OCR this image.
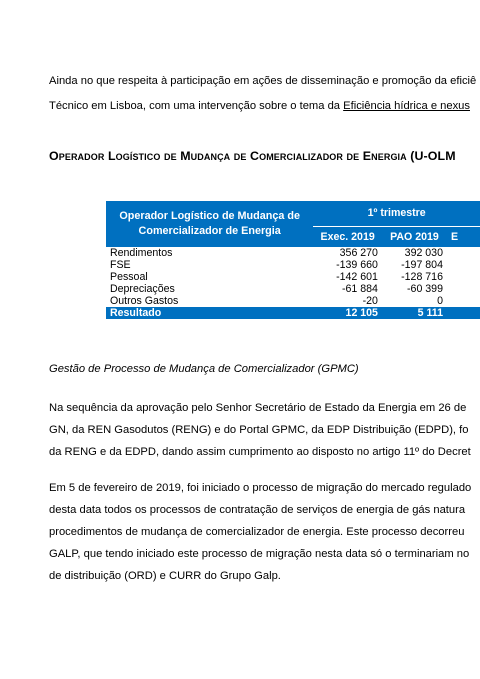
Ainda no que respeita à participação em ações de disseminação e promoção da eficiê
Técnico em Lisboa, com uma intervenção sobre o tema da Eficiência hídrica e nexus
Operador Logístico de Mudança de Comercializador de Energia (U-OLM
Operador Logístico de Mudança de
Comercializador de Energia	1º trimestre		
	Exec. 2019	PAO 2019	E
Rendimentos	356 270	392 030	
FSE	-139 660	-197 804	
Pessoal	-142 601	-128 716	
Depreciações	-61 884	-60 399	
Outros Gastos	-20	0	
Resultado	12 105	5 111	
Gestão de Processo de Mudança de Comercializador (GPMC)
Na sequência da aprovação pelo Senhor Secretário de Estado da Energia em 26 de
GN, da REN Gasodutos (RENG) e do Portal GPMC, da EDP Distribuição (EDPD), fo
da RENG e da EDPD, dando assim cumprimento ao disposto no artigo 11º do Decret
Em 5 de fevereiro de 2019, foi iniciado o processo de migração do mercado regulado
desta data todos os processos de contratação de serviços de energia de gás natura
procedimentos de mudança de comercializador de energia. Este processo decorreu
GALP, que tendo iniciado este processo de migração nesta data só o terminariam no
de distribuição (ORD) e CURR do Grupo Galp.
